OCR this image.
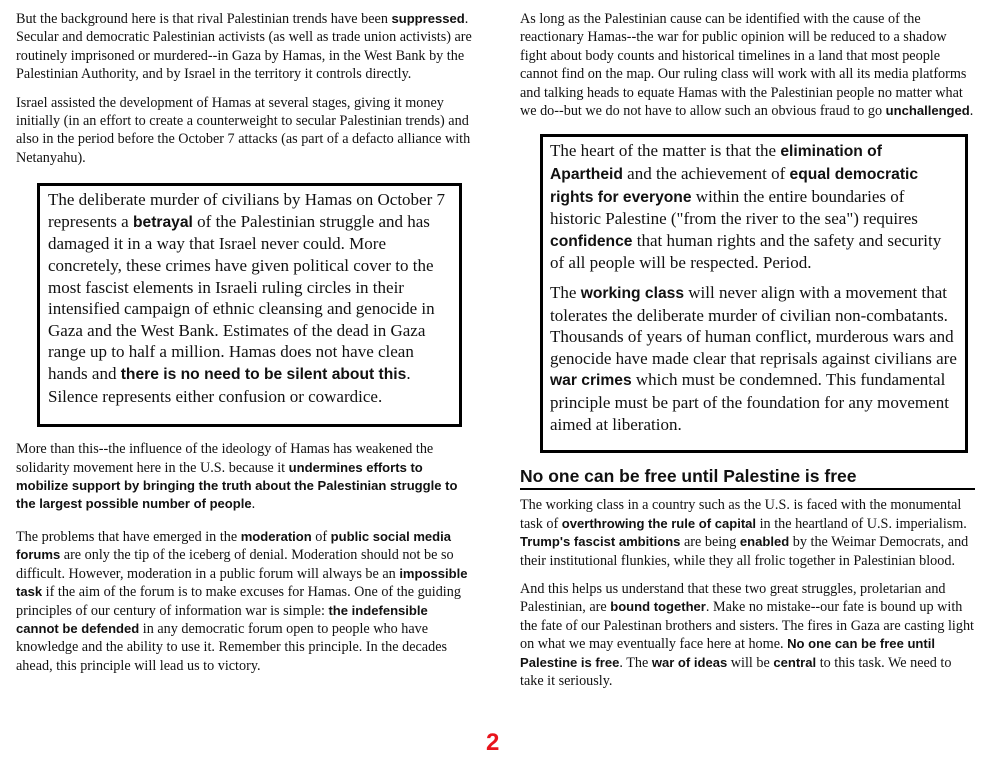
But the background here is that rival Palestinian trends have been suppressed. Secular and democratic Palestinian activists (as well as trade union activists) are routinely imprisoned or murdered--in Gaza by Hamas, in the West Bank by the Palestinian Authority, and by Israel in the territory it controls directly.

Israel assisted the development of Hamas at several stages, giving it money initially (in an effort to create a counterweight to secular Palestinian trends) and also in the period before the October 7 attacks (as part of a defacto alliance with Netanyahu).

The deliberate murder of civilians by Hamas on October 7 represents a betrayal of the Palestinian struggle and has damaged it in a way that Israel never could. More concretely, these crimes have given political cover to the most fascist elements in Israeli ruling circles in their intensified campaign of ethnic cleansing and genocide in Gaza and the West Bank. Estimates of the dead in Gaza range up to half a million. Hamas does not have clean hands and there is no need to be silent about this. Silence represents either confusion or cowardice.

More than this--the influence of the ideology of Hamas has weakened the solidarity movement here in the U.S. because it undermines efforts to mobilize support by bringing the truth about the Palestinian struggle to the largest possible number of people.

The problems that have emerged in the moderation of public social media forums are only the tip of the iceberg of denial. Moderation should not be so difficult. However, moderation in a public forum will always be an impossible task if the aim of the forum is to make excuses for Hamas. One of the guiding principles of our century of information war is simple: the indefensible cannot be defended in any democratic forum open to people who have knowledge and the ability to use it. Remember this principle. In the decades ahead, this principle will lead us to victory.

As long as the Palestinian cause can be identified with the cause of the reactionary Hamas--the war for public opinion will be reduced to a shadow fight about body counts and historical timelines in a land that most people cannot find on the map. Our ruling class will work with all its media platforms and talking heads to equate Hamas with the Palestinian people no matter what we do--but we do not have to allow such an obvious fraud to go unchallenged.

The heart of the matter is that the elimination of Apartheid and the achievement of equal democratic rights for everyone within the entire boundaries of historic Palestine ("from the river to the sea") requires confidence that human rights and the safety and security of all people will be respected. Period.

The working class will never align with a movement that tolerates the deliberate murder of civilian non-combatants. Thousands of years of human conflict, murderous wars and genocide have made clear that reprisals against civilians are war crimes which must be condemned. This fundamental principle must be part of the foundation for any movement aimed at liberation.

No one can be free until Palestine is free

The working class in a country such as the U.S. is faced with the monumental task of overthrowing the rule of capital in the heartland of U.S. imperialism. Trump's fascist ambitions are being enabled by the Weimar Democrats, and their institutional flunkies, while they all frolic together in Palestinian blood.

And this helps us understand that these two great struggles, proletarian and Palestinian, are bound together. Make no mistake--our fate is bound up with the fate of our Palestinan brothers and sisters. The fires in Gaza are casting light on what we may eventually face here at home. No one can be free until Palestine is free. The war of ideas will be central to this task. We need to take it seriously.

2
